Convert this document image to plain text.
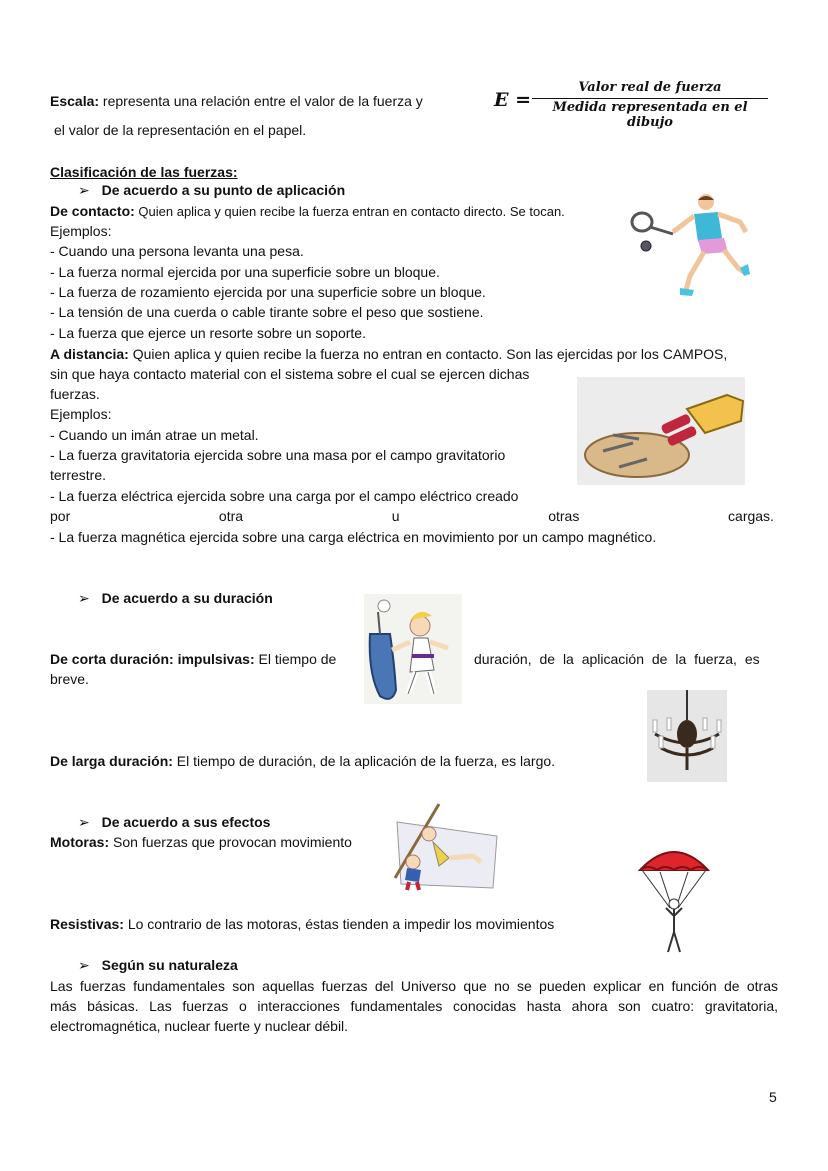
Escala: representa una relación entre el valor de la fuerza y	E =
Valor real de fuerza
Medida representada en el dibujo
el valor de la representación en el papel.
Clasificación de las fuerzas:
➢ De acuerdo a su punto de aplicación
De contacto: Quien aplica y quien recibe la fuerza entran en contacto directo. Se tocan.
Ejemplos:
- Cuando una persona levanta una pesa.
- La fuerza normal ejercida por una superficie sobre un bloque.
- La fuerza de rozamiento ejercida por una superficie sobre un bloque.
- La tensión de una cuerda o cable tirante sobre el peso que sostiene.
- La fuerza que ejerce un resorte sobre un soporte.
A distancia: Quien aplica y quien recibe la fuerza no entran en contacto. Son las ejercidas por los CAMPOS,
sin que haya contacto material con el sistema sobre el cual se ejercen dichas
fuerzas.
Ejemplos:
- Cuando un imán atrae un metal.
- La fuerza gravitatoria ejercida sobre una masa por el campo gravitatorio
terrestre.
- La fuerza eléctrica ejercida sobre una carga por el campo eléctrico creado
por	otra	u	otras	cargas.
- La fuerza magnética ejercida sobre una carga eléctrica en movimiento por un campo magnético.
➢ De acuerdo a su duración
De corta duración: impulsivas: El tiempo de	duración, de la aplicación de la fuerza, es
breve.
De larga duración: El tiempo de duración, de la aplicación de la fuerza, es largo.
➢ De acuerdo a sus efectos
Motoras: Son fuerzas que provocan movimiento
Resistivas: Lo contrario de las motoras, éstas tienden a impedir los movimientos
➢ Según su naturaleza
Las fuerzas fundamentales son aquellas fuerzas del Universo que no se pueden explicar en función de otras
más básicas. Las fuerzas o interacciones fundamentales conocidas hasta ahora son cuatro: gravitatoria,
electromagnética, nuclear fuerte y nuclear débil.
5
